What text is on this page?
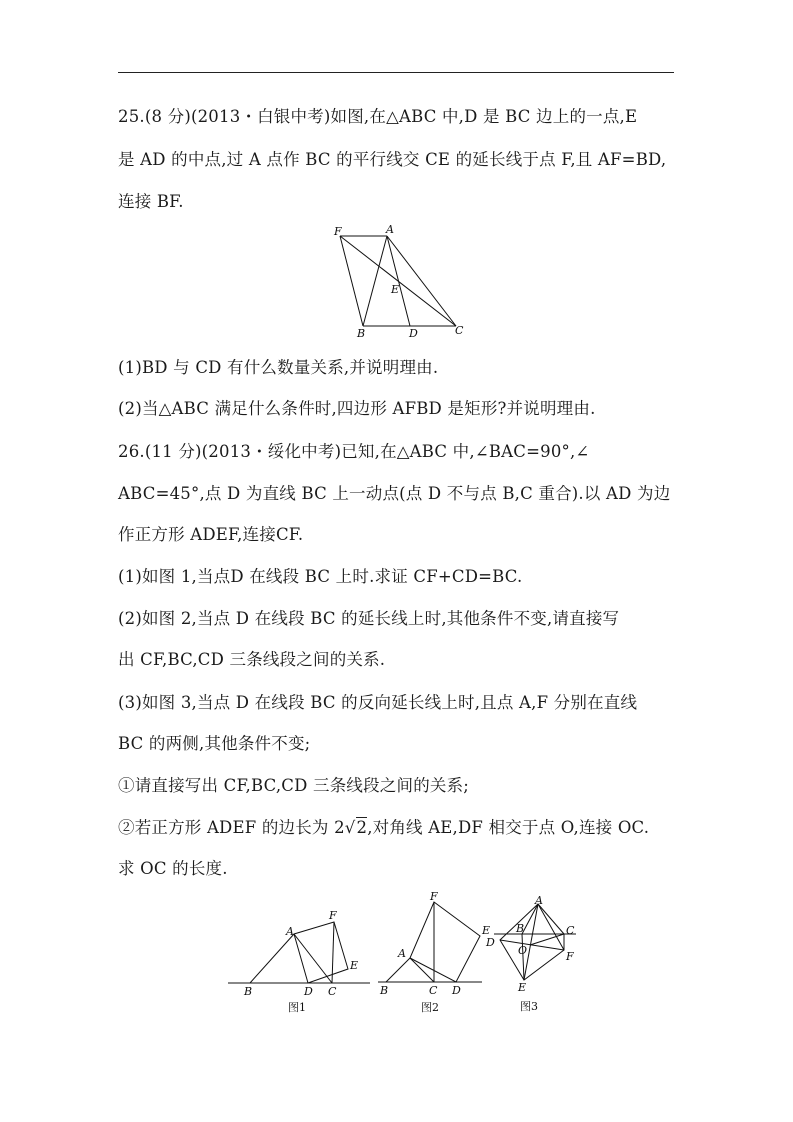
25.(8 分)(2013・白银中考)如图,在△ABC 中,D 是 BC 边上的一点,E
是 AD 的中点,过 A 点作 BC 的平行线交 CE 的延长线于点 F,且 AF=BD,
连接 BF.
F	A
E
B	D	C
(1)BD 与 CD 有什么数量关系,并说明理由.
(2)当△ABC 满足什么条件时,四边形 AFBD 是矩形?并说明理由.
26.(11 分)(2013・绥化中考)已知,在△ABC 中,∠BAC=90°,∠
ABC=45°,点 D 为直线 BC 上一动点(点 D 不与点 B,C 重合).以 AD 为边
作正方形 ADEF,连接CF.
(1)如图 1,当点D 在线段 BC 上时.求证 CF+CD=BC.
(2)如图 2,当点 D 在线段 BC 的延长线上时,其他条件不变,请直接写
出 CF,BC,CD 三条线段之间的关系.
(3)如图 3,当点 D 在线段 BC 的反向延长线上时,且点 A,F 分别在直线
BC 的两侧,其他条件不变;
①请直接写出 CF,BC,CD 三条线段之间的关系;
②若正方形 ADEF 的边长为 2√2,对角线 AE,DF 相交于点 O,连接 OC.
求 OC 的长度.
F
A
E
B	D C
图1
F
E
A
B	C D
图2
A
B	C
D
O	F
E
图3
